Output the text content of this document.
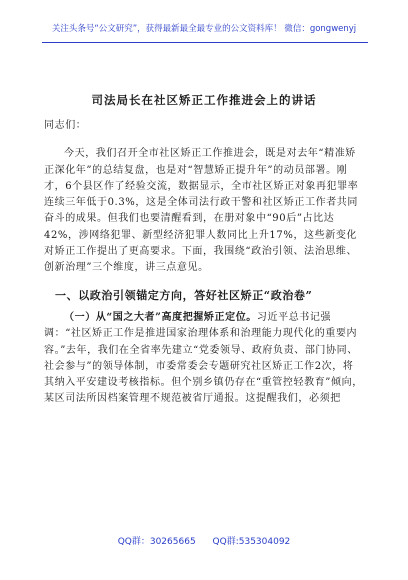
关注头条号“公文研究”，获得最新最全最专业的公文资料库！ 微信：gongwenyj
司法局长在社区矫正工作推进会上的讲话

同志们：

今天，我们召开全市社区矫正工作推进会，既是对去年“精准矫正深化年”的总结复盘，也是对“智慧矫正提升年”的动员部署。刚才，6个县区作了经验交流，数据显示，全市社区矫正对象再犯罪率连续三年低于0.3%，这是全体司法行政干警和社区矫正工作者共同奋斗的成果。但我们也要清醒看到，在册对象中“90后”占比达42%，涉网络犯罪、新型经济犯罪人数同比上升17%，这些新变化对矫正工作提出了更高要求。下面，我围绕“政治引领、法治思维、创新治理”三个维度，讲三点意见。

一、以政治引领锚定方向，答好社区矫正“政治卷”

（一）从“国之大者”高度把握矫正定位。习近平总书记强调：“社区矫正工作是推进国家治理体系和治理能力现代化的重要内容。”去年，我们在全省率先建立“党委领导、政府负责、部门协同、社会参与”的领导体制，市委常委会专题研究社区矫正工作2次，将其纳入平安建设考核指标。但个别乡镇仍存在“重管控轻教育”倾向，某区司法所因档案管理不规范被省厅通报。这提醒我们，必须把

QQ群：30265665 QQ群:535304092
